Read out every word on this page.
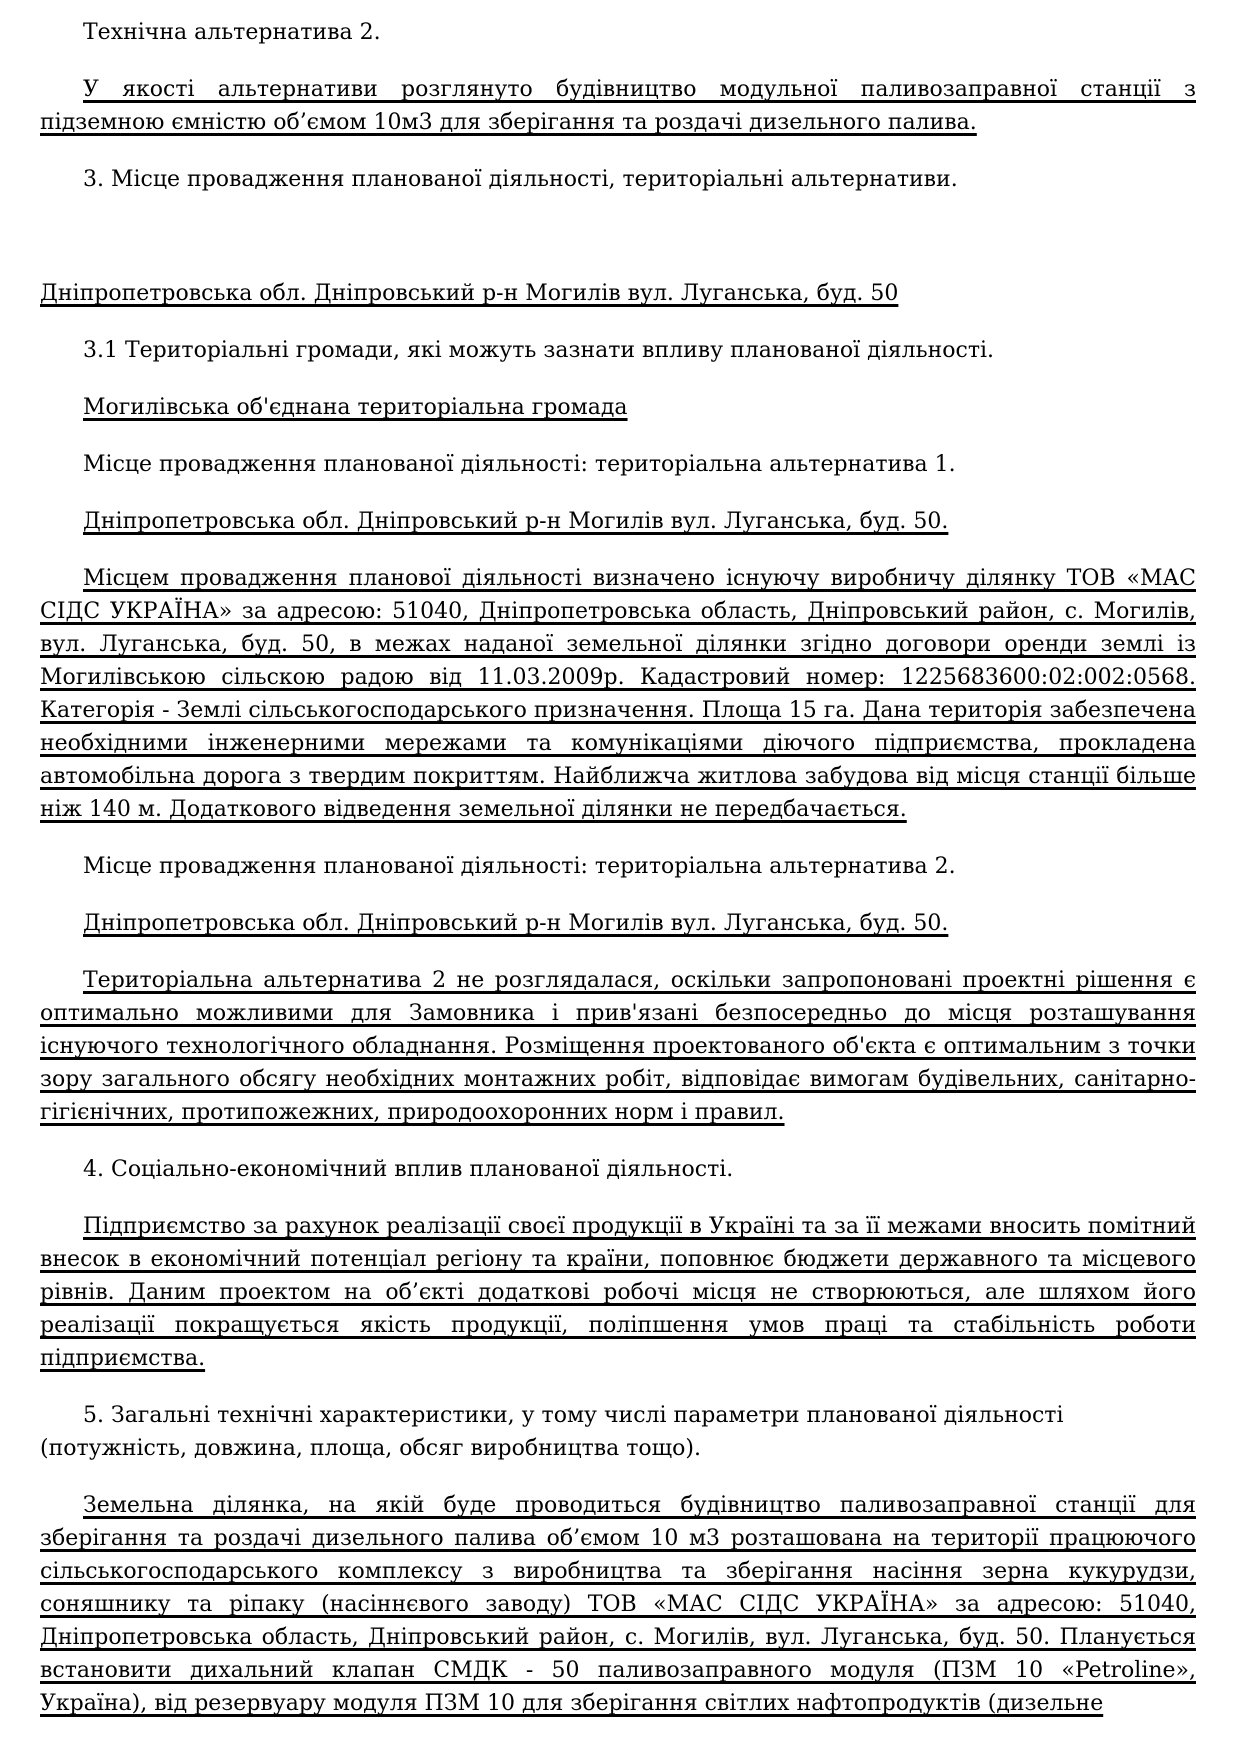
Технічна альтернатива 2.

У якості альтернативи розглянуто будівництво модульної паливозаправної станції з підземною ємністю об’ємом 10м3 для зберігання та роздачі дизельного палива.

3. Місце провадження планованої діяльності, територіальні альтернативи.

Дніпропетровська обл. Дніпровський р-н Могилів вул. Луганська, буд. 50

3.1 Територіальні громади, які можуть зазнати впливу планованої діяльності.

Могилівська об'єднана територіальна громада

Місце провадження планованої діяльності: територіальна альтернатива 1.

Дніпропетровська обл. Дніпровський р-н Могилів вул. Луганська, буд. 50.

Місцем провадження планової діяльності визначено існуючу виробничу ділянку ТОВ «МАС СІДС УКРАЇНА» за адресою: 51040, Дніпропетровська область, Дніпровський район, с. Могилів, вул. Луганська, буд. 50, в межах наданої земельної ділянки згідно договори оренди землі із Могилівською сільскою радою від 11.03.2009р. Кадастровий номер: 1225683600:02:002:0568. Категорія - Землі сільськогосподарського призначення. Площа 15 га. Дана територія забезпечена необхідними інженерними мережами та комунікаціями діючого підприємства, прокладена автомобільна дорога з твердим покриттям. Найближча житлова забудова від місця станції більше ніж 140 м. Додаткового відведення земельної ділянки не передбачається.

Місце провадження планованої діяльності: територіальна альтернатива 2.

Дніпропетровська обл. Дніпровський р-н Могилів вул. Луганська, буд. 50.

Територіальна альтернатива 2 не розглядалася, оскільки запропоновані проектні рішення є оптимально можливими для Замовника і прив'язані безпосередньо до місця розташування існуючого технологічного обладнання. Розміщення проектованого об'єкта є оптимальним з точки зору загального обсягу необхідних монтажних робіт, відповідає вимогам будівельних, санітарно-гігієнічних, протипожежних, природоохоронних норм і правил.

4. Соціально-економічний вплив планованої діяльності.

Підприємство за рахунок реалізації своєї продукції в Україні та за її межами вносить помітний внесок в економічний потенціал регіону та країни, поповнює бюджети державного та місцевого рівнів. Даним проектом на об’єкті додаткові робочі місця не створюються, але шляхом його реалізації покращується якість продукції, поліпшення умов праці та стабільність роботи підприємства.

5. Загальні технічні характеристики, у тому числі параметри планованої діяльності (потужність, довжина, площа, обсяг виробництва тощо).

Земельна ділянка, на якій буде проводиться будівництво паливозаправної станції для зберігання та роздачі дизельного палива об’ємом 10 м3 розташована на території працюючого сільськогосподарського комплексу з виробництва та зберігання насіння зерна кукурудзи, соняшнику та ріпаку (насіннєвого заводу) ТОВ «МАС СІДС УКРАЇНА» за адресою: 51040, Дніпропетровська область, Дніпровський район, с. Могилів, вул. Луганська, буд. 50. Планується встановити дихальний клапан СМДК - 50 паливозаправного модуля (ПЗМ 10 «Petroline», Україна), від резервуару модуля ПЗМ 10 для зберігання світлих нафтопродуктів (дизельне
